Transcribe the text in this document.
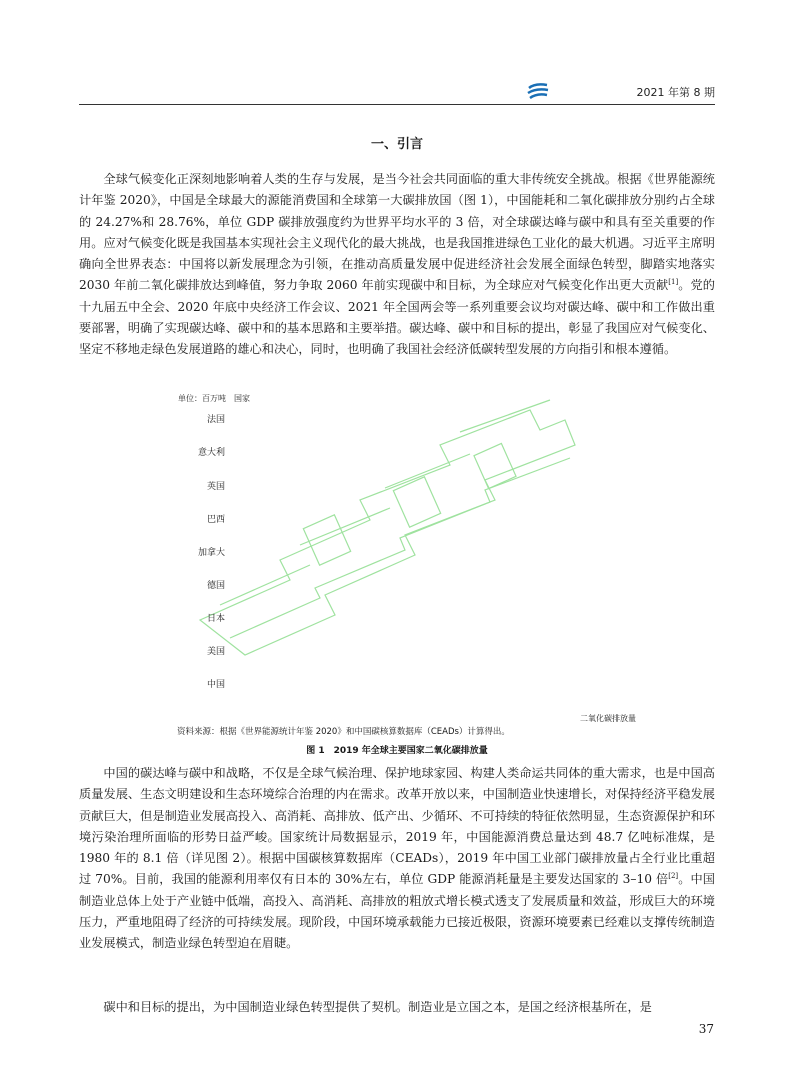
2021 年第 8 期
一、引言

全球气候变化正深刻地影响着人类的生存与发展，是当今社会共同面临的重大非传统安全挑战。根据《世界能源统计年鉴 2020》，中国是全球最大的源能消费国和全球第一大碳排放国（图 1），中国能耗和二氧化碳排放分别约占全球的 24.27%和 28.76%，单位 GDP 碳排放强度约为世界平均水平的 3 倍，对全球碳达峰与碳中和具有至关重要的作用。应对气候变化既是我国基本实现社会主义现代化的最大挑战，也是我国推进绿色工业化的最大机遇。习近平主席明确向全世界表态：中国将以新发展理念为引领，在推动高质量发展中促进经济社会发展全面绿色转型，脚踏实地落实 2030 年前二氧化碳排放达到峰值，努力争取 2060 年前实现碳中和目标，为全球应对气候变化作出更大贡献[1]。党的十九届五中全会、2020 年底中央经济工作会议、2021 年全国两会等一系列重要会议均对碳达峰、碳中和工作做出重要部署，明确了实现碳达峰、碳中和的基本思路和主要举措。碳达峰、碳中和目标的提出，彰显了我国应对气候变化、坚定不移地走绿色发展道路的雄心和决心，同时，也明确了我国社会经济低碳转型发展的方向指引和根本遵循。

单位：百万吨　国家
法国
意大利
英国
巴西
加拿大
德国
日本
美国
中国
二氧化碳排放量
资料来源：根据《世界能源统计年鉴 2020》和中国碳核算数据库（CEADs）计算得出。
图 1　2019 年全球主要国家二氧化碳排放量

中国的碳达峰与碳中和战略，不仅是全球气候治理、保护地球家园、构建人类命运共同体的重大需求，也是中国高质量发展、生态文明建设和生态环境综合治理的内在需求。改革开放以来，中国制造业快速增长，对保持经济平稳发展贡献巨大，但是制造业发展高投入、高消耗、高排放、低产出、少循环、不可持续的特征依然明显，生态资源保护和环境污染治理所面临的形势日益严峻。国家统计局数据显示，2019 年，中国能源消费总量达到 48.7 亿吨标准煤，是 1980 年的 8.1 倍（详见图 2）。根据中国碳核算数据库（CEADs），2019 年中国工业部门碳排放量占全行业比重超过 70%。目前，我国的能源利用率仅有日本的 30%左右，单位 GDP 能源消耗量是主要发达国家的 3–10 倍[2]。中国制造业总体上处于产业链中低端，高投入、高消耗、高排放的粗放式增长模式透支了发展质量和效益，形成巨大的环境压力，严重地阻碍了经济的可持续发展。现阶段，中国环境承载能力已接近极限，资源环境要素已经难以支撑传统制造业发展模式，制造业绿色转型迫在眉睫。

碳中和目标的提出，为中国制造业绿色转型提供了契机。制造业是立国之本，是国之经济根基所在，是

37
